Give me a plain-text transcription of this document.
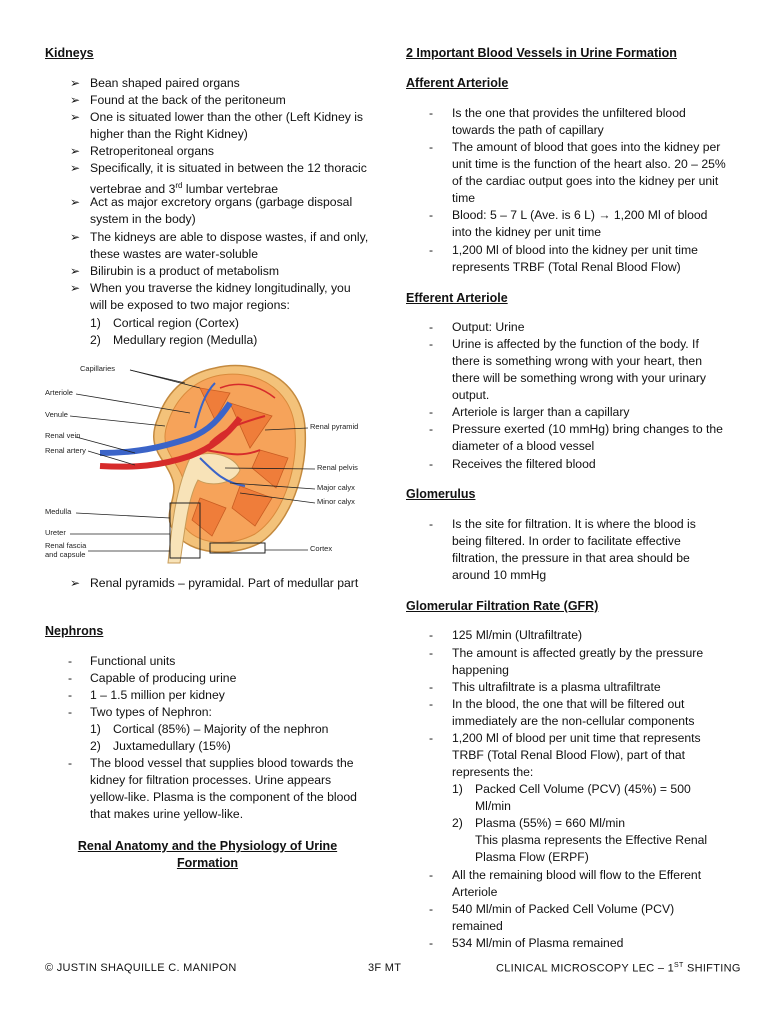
Kidneys
➢ Bean shaped paired organs
➢ Found at the back of the peritoneum
➢ One is situated lower than the other (Left Kidney is higher than the Right Kidney)
➢ Retroperitoneal organs
➢ Specifically, it is situated in between the 12 thoracic vertebrae and 3rd lumbar vertebrae
➢ Act as major excretory organs (garbage disposal system in the body)
➢ The kidneys are able to dispose wastes, if and only, these wastes are water-soluble
➢ Bilirubin is a product of metabolism
➢ When you traverse the kidney longitudinally, you will be exposed to two major regions:
1) Cortical region (Cortex)
2) Medullary region (Medulla)
Capillaries
Arteriole
Venule
Renal vein
Renal artery
Medulla
Ureter
Renal fascia
and capsule
Renal pyramid
Renal pelvis
Major calyx
Minor calyx
Cortex
➢ Renal pyramids – pyramidal. Part of medullar part
Nephrons
- Functional units
- Capable of producing urine
- 1 – 1.5 million per kidney
- Two types of Nephron:
1) Cortical (85%) – Majority of the nephron
2) Juxtamedullary (15%)
- The blood vessel that supplies blood towards the kidney for filtration processes. Urine appears yellow-like. Plasma is the component of the blood that makes urine yellow-like.
Renal Anatomy and the Physiology of Urine Formation
2 Important Blood Vessels in Urine Formation
Afferent Arteriole
- Is the one that provides the unfiltered blood towards the path of capillary
- The amount of blood that goes into the kidney per unit time is the function of the heart also. 20 – 25% of the cardiac output goes into the kidney per unit time
- Blood: 5 – 7 L (Ave. is 6 L) → 1,200 Ml of blood into the kidney per unit time
- 1,200 Ml of blood into the kidney per unit time represents TRBF (Total Renal Blood Flow)
Efferent Arteriole
- Output: Urine
- Urine is affected by the function of the body. If there is something wrong with your heart, then there will be something wrong with your urinary output.
- Arteriole is larger than a capillary
- Pressure exerted (10 mmHg) bring changes to the diameter of a blood vessel
- Receives the filtered blood
Glomerulus
- Is the site for filtration. It is where the blood is being filtered. In order to facilitate effective filtration, the pressure in that area should be around 10 mmHg
Glomerular Filtration Rate (GFR)
- 125 Ml/min (Ultrafiltrate)
- The amount is affected greatly by the pressure happening
- This ultrafiltrate is a plasma ultrafiltrate
- In the blood, the one that will be filtered out immediately are the non-cellular components
- 1,200 Ml of blood per unit time that represents TRBF (Total Renal Blood Flow), part of that represents the:
1) Packed Cell Volume (PCV) (45%) = 500 Ml/min
2) Plasma (55%) = 660 Ml/min
This plasma represents the Effective Renal Plasma Flow (ERPF)
- All the remaining blood will flow to the Efferent Arteriole
- 540 Ml/min of Packed Cell Volume (PCV) remained
- 534 Ml/min of Plasma remained
© JUSTIN SHAQUILLE C. MANIPON	3F MT	CLINICAL MICROSCOPY LEC – 1ST SHIFTING
